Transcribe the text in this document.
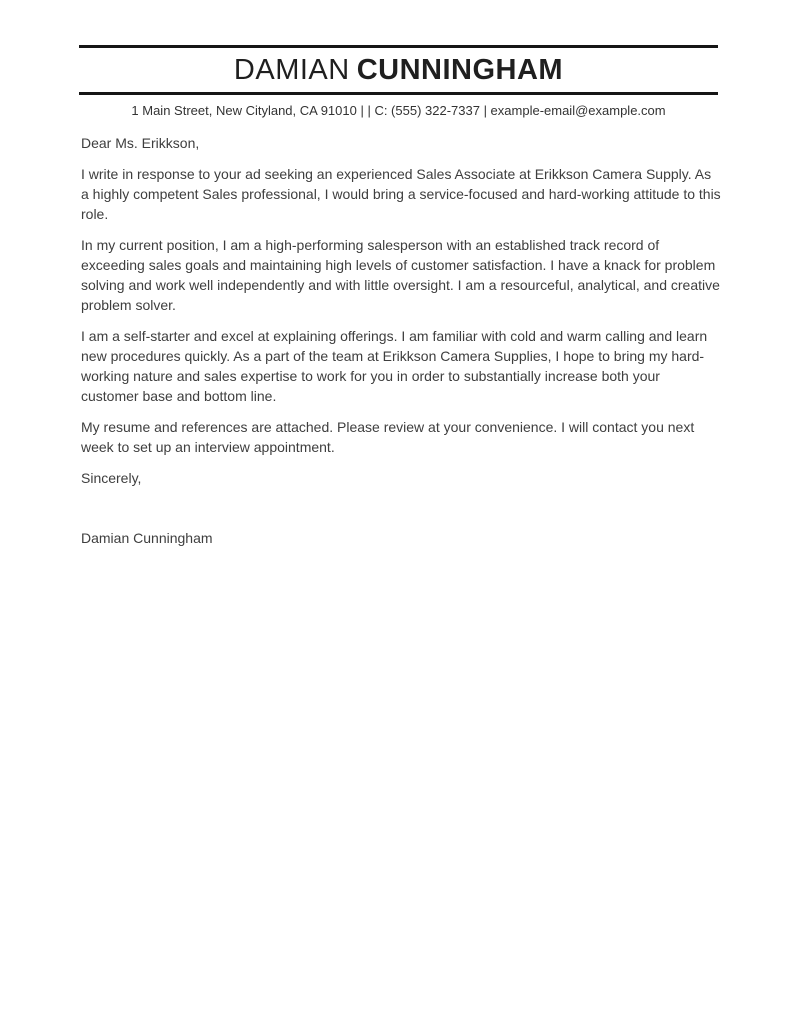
DAMIAN CUNNINGHAM
1 Main Street, New Cityland, CA 91010 | | C: (555) 322-7337 | example-email@example.com

Dear Ms. Erikkson,

I write in response to your ad seeking an experienced Sales Associate at Erikkson Camera Supply. As a highly competent Sales professional, I would bring a service-focused and hard-working attitude to this role.

In my current position, I am a high-performing salesperson with an established track record of exceeding sales goals and maintaining high levels of customer satisfaction. I have a knack for problem solving and work well independently and with little oversight. I am a resourceful, analytical, and creative problem solver.

I am a self-starter and excel at explaining offerings. I am familiar with cold and warm calling and learn new procedures quickly. As a part of the team at Erikkson Camera Supplies, I hope to bring my hard-working nature and sales expertise to work for you in order to substantially increase both your customer base and bottom line.

My resume and references are attached. Please review at your convenience. I will contact you next week to set up an interview appointment.

Sincerely,

Damian Cunningham
